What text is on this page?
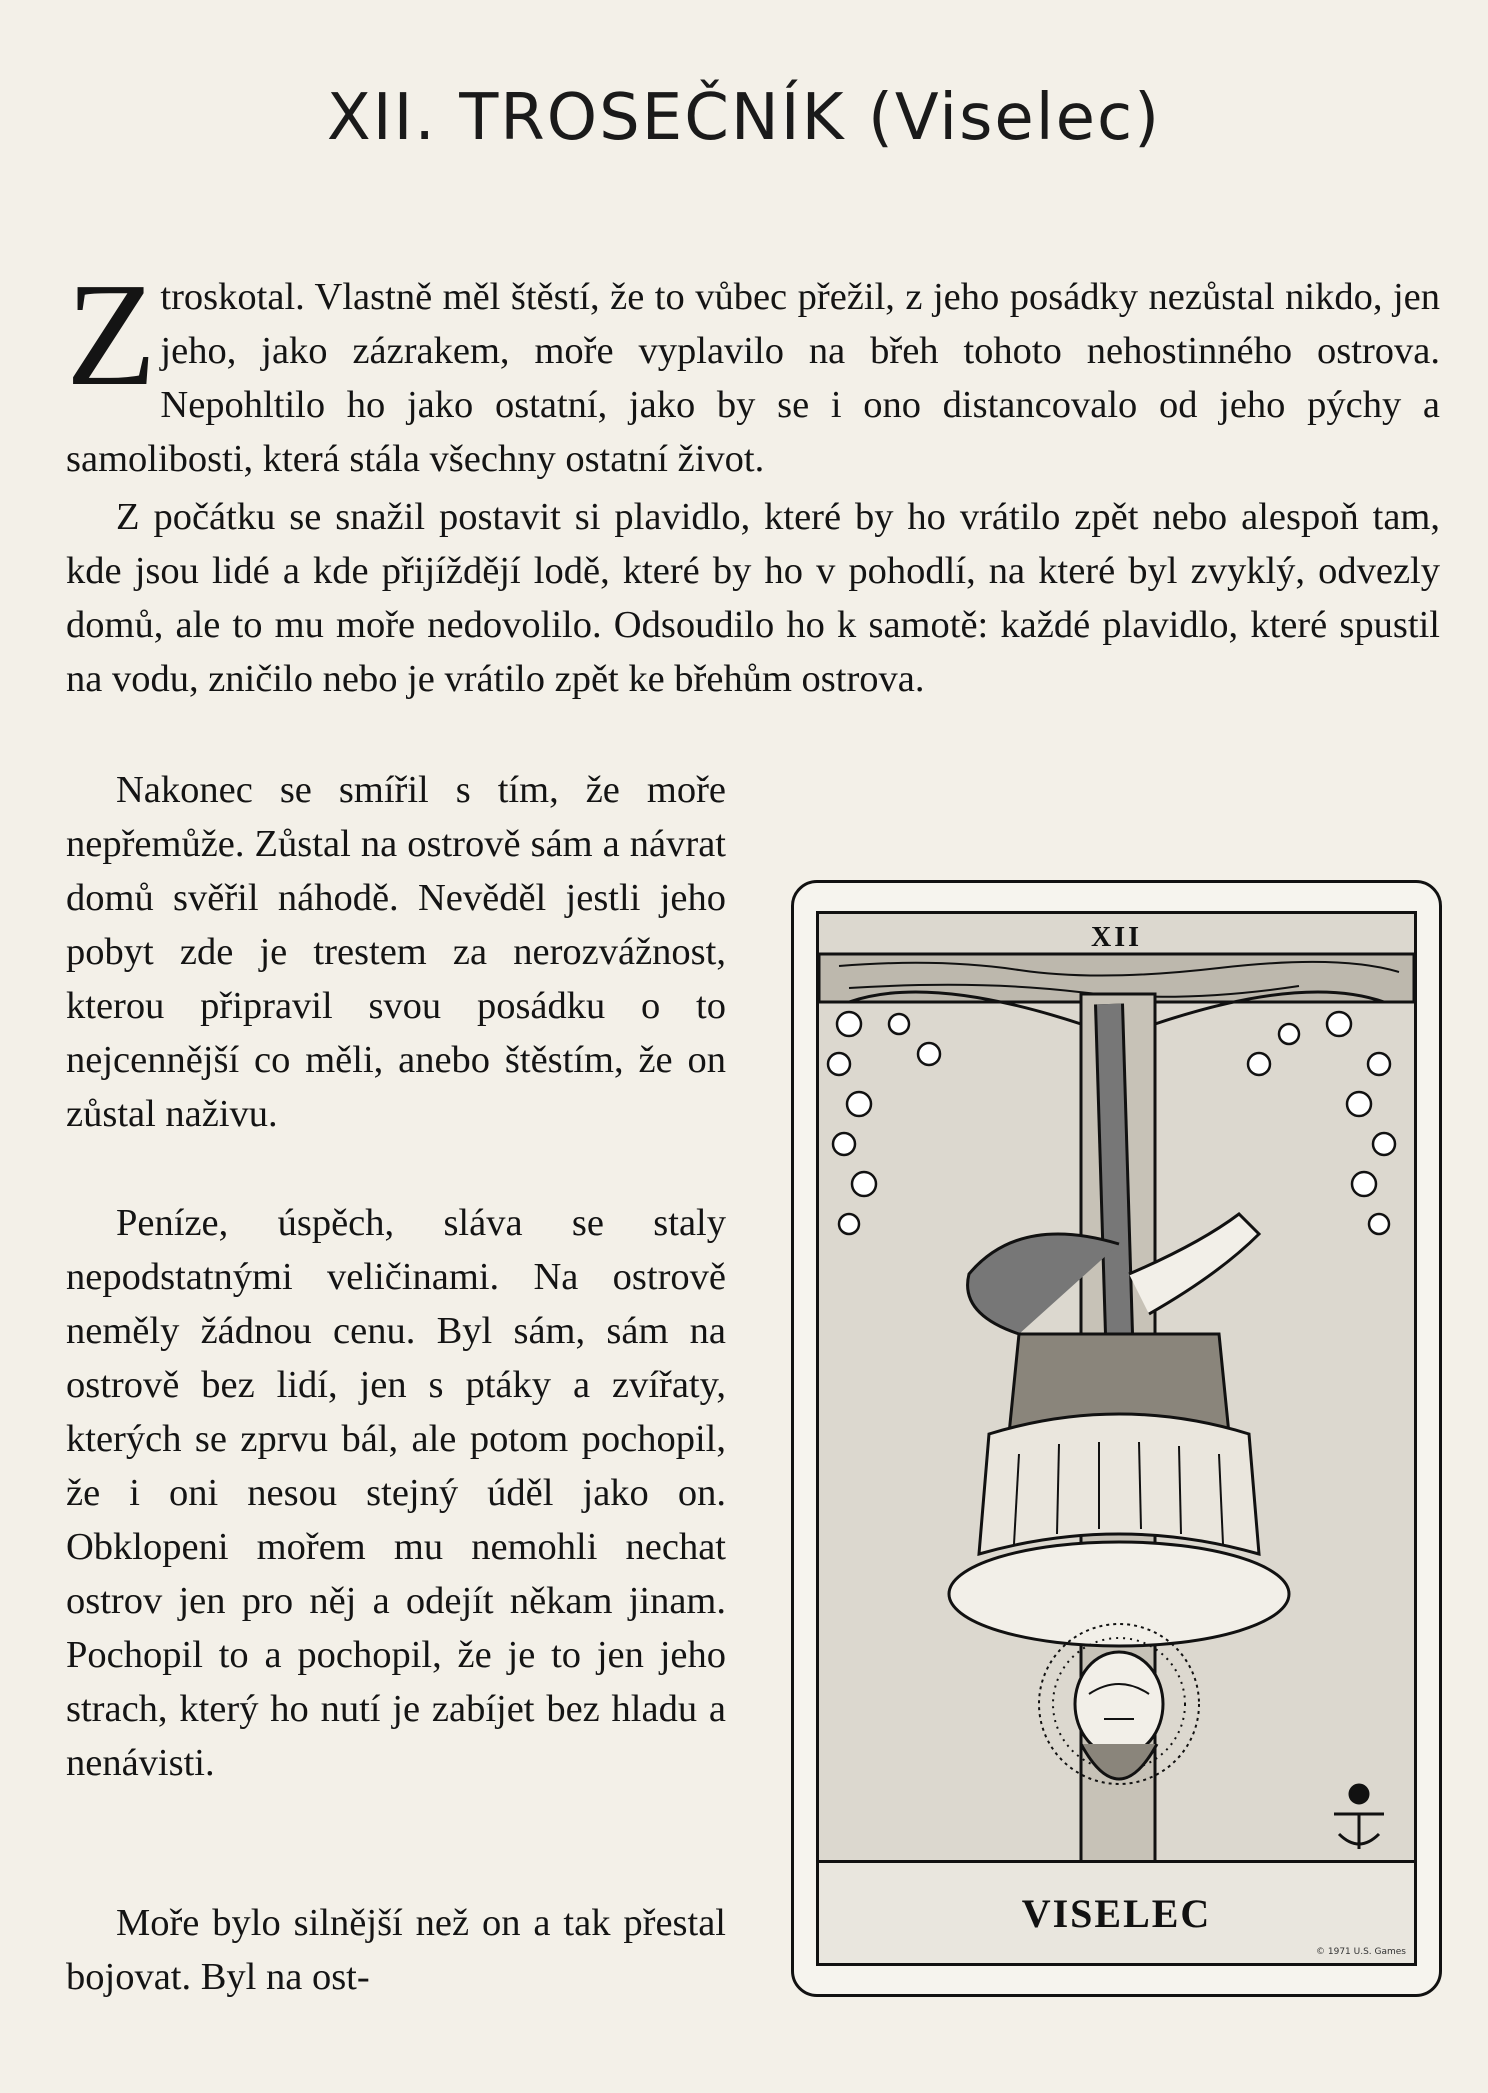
XII. TROSEČNÍK (Viselec)

Ztroskotal. Vlastně měl štěstí, že to vůbec přežil, z jeho posádky nezůstal nikdo, jen jeho, jako zázrakem, moře vyplavilo na břeh tohoto nehostinného ostrova. Nepohltilo ho jako ostatní, jako by se i ono distancovalo od jeho pýchy a samolibosti, která stála všechny ostatní život.

Z počátku se snažil postavit si plavidlo, které by ho vrátilo zpět nebo alespoň tam, kde jsou lidé a kde přijíždějí lodě, které by ho v pohodlí, na které byl zvyklý, odvezly domů, ale to mu moře nedovolilo. Odsoudilo ho k samotě: každé plavidlo, které spustil na vodu, zničilo nebo je vrátilo zpět ke břehům ostrova.

Nakonec se smířil s tím, že moře nepřemůže. Zůstal na ostrově sám a návrat domů svěřil náhodě. Nevěděl jestli jeho pobyt zde je trestem za nerozvážnost, kterou připravil svou posádku o to nejcennější co měli, anebo štěstím, že on zůstal naživu.

Peníze, úspěch, sláva se staly nepodstatnými veličinami. Na ostrově neměly žádnou cenu. Byl sám, sám na ostrově bez lidí, jen s ptáky a zvířaty, kterých se zprvu bál, ale potom pochopil, že i oni nesou stejný úděl jako on. Obklopeni mořem mu nemohli nechat ostrov jen pro něj a odejít někam jinam. Pochopil to a pochopil, že je to jen jeho strach, který ho nutí je zabíjet bez hladu a nenávisti.

Moře bylo silnější než on a tak přestal bojovat. Byl na ost-

XII
VISELEC
© 1971 U.S. Games
